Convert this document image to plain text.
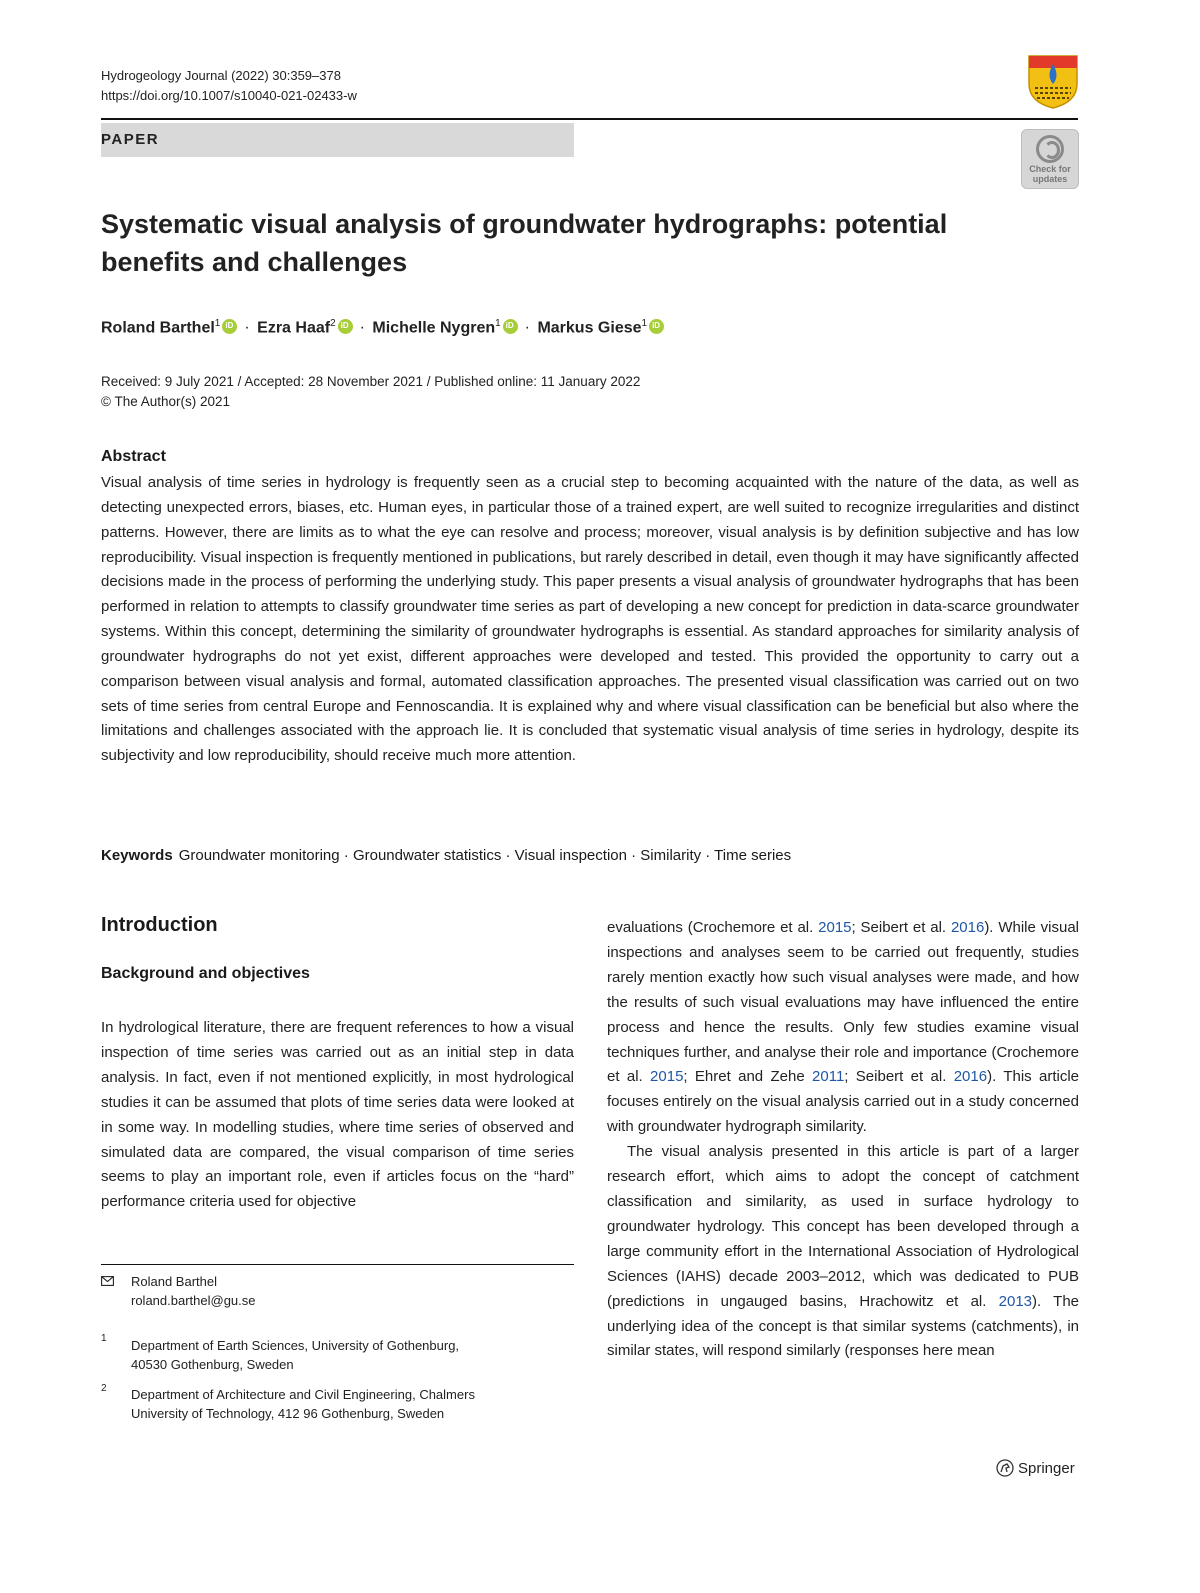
Hydrogeology Journal (2022) 30:359–378
https://doi.org/10.1007/s10040-021-02433-w
PAPER
Check for
updates
Systematic visual analysis of groundwater hydrographs: potential benefits and challenges
Roland Barthel$^1$ iD · Ezra Haaf$^2$ iD · Michelle Nygren$^1$ iD · Markus Giese$^1$iD
Received: 9 July 2021 / Accepted: 28 November 2021 / Published online: 11 January 2022
© The Author(s) 2021
Abstract
Visual analysis of time series in hydrology is frequently seen as a crucial step to becoming acquainted with the nature of the data, as well as detecting unexpected errors, biases, etc. Human eyes, in particular those of a trained expert, are well suited to recognize irregularities and distinct patterns. However, there are limits as to what the eye can resolve and process; moreover, visual analysis is by definition subjective and has low reproducibility. Visual inspection is frequently mentioned in publications, but rarely described in detail, even though it may have significantly affected decisions made in the process of performing the underlying study. This paper presents a visual analysis of groundwater hydrographs that has been performed in relation to attempts to classify groundwater time series as part of developing a new concept for prediction in data-scarce groundwater systems. Within this concept, determining the similarity of groundwater hydrographs is essential. As standard approaches for similarity analysis of groundwater hydrographs do not yet exist, different approaches were developed and tested. This provided the opportunity to carry out a comparison between visual analysis and formal, automated classification approaches. The presented visual classification was carried out on two sets of time series from central Europe and Fennoscandia. It is explained why and where visual classification can be beneficial but also where the limitations and challenges associated with the approach lie. It is concluded that systematic visual analysis of time series in hydrology, despite its subjectivity and low reproducibility, should receive much more attention.
Keywords Groundwater monitoring · Groundwater statistics · Visual inspection · Similarity · Time series
Introduction
Background and objectives
In hydrological literature, there are frequent references to how a visual inspection of time series was carried out as an initial step in data analysis. In fact, even if not mentioned explicitly, in most hydrological studies it can be assumed that plots of time series data were looked at in some way. In modelling studies, where time series of observed and simulated data are compared, the visual comparison of time series seems to play an important role, even if articles focus on the “hard” performance criteria used for objective

evaluations (Crochemore et al. 2015; Seibert et al. 2016). While visual inspections and analyses seem to be carried out frequently, studies rarely mention exactly how such visual analyses were made, and how the results of such visual evaluations may have influenced the entire process and hence the results. Only few studies examine visual techniques further, and analyse their role and importance (Crochemore et al. 2015; Ehret and Zehe 2011; Seibert et al. 2016). This article focuses entirely on the visual analysis carried out in a study concerned with groundwater hydrograph similarity.

The visual analysis presented in this article is part of a larger research effort, which aims to adopt the concept of catchment classification and similarity, as used in surface hydrology to groundwater hydrology. This concept has been developed through a large community effort in the International Association of Hydrological Sciences (IAHS) decade 2003–2012, which was dedicated to PUB (predictions in ungauged basins, Hrachowitz et al. 2013). The underlying idea of the concept is that similar systems (catchments), in similar states, will respond similarly (responses here mean

Roland Barthel
roland.barthel@gu.se
1 Department of Earth Sciences, University of Gothenburg,
40530 Gothenburg, Sweden
2 Department of Architecture and Civil Engineering, Chalmers
University of Technology, 412 96 Gothenburg, Sweden
Springer
